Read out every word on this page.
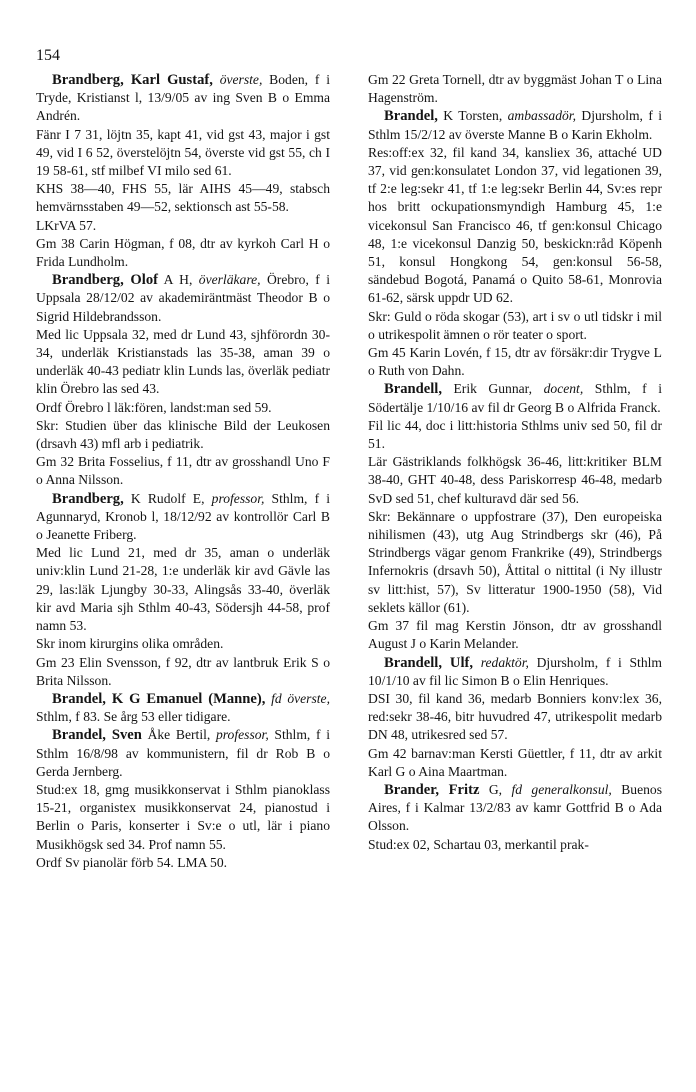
154
Brandberg, Karl Gustaf, överste, Boden, f i Tryde, Kristianst l, 13/9/05 av ing Sven B o Emma Andrén.
Fänr I 7 31, löjtn 35, kapt 41, vid gst 43, major i gst 49, vid I 6 52, överstelöjtn 54, överste vid gst 55, ch I 19 58-61, stf milbef VI milo sed 61.
KHS 38—40, FHS 55, lär AIHS 45—49, stabsch hemvärnsstaben 49—52, sektionsch ast 55-58.
LKrVA 57.
Gm 38 Carin Högman, f 08, dtr av kyrkoh Carl H o Frida Lundholm.
Brandberg, Olof A H, överläkare, Örebro, f i Uppsala 28/12/02 av akademiräntmäst Theodor B o Sigrid Hildebrandsson.
Med lic Uppsala 32, med dr Lund 43, sjhförordn 30-34, underläk Kristianstads las 35-38, aman 39 o underläk 40-43 pediatr klin Lunds las, överläk pediatr klin Örebro las sed 43.
Ordf Örebro l läk:fören, landst:man sed 59.
Skr: Studien über das klinische Bild der Leukosen (drsavh 43) mfl arb i pediatrik.
Gm 32 Brita Fosselius, f 11, dtr av grosshandl Uno F o Anna Nilsson.
Brandberg, K Rudolf E, professor, Sthlm, f i Agunnaryd, Kronob l, 18/12/92 av kontrollör Carl B o Jeanette Friberg.
Med lic Lund 21, med dr 35, aman o underläk univ:klin Lund 21-28, 1:e underläk kir avd Gävle las 29, las:läk Ljungby 30-33, Alingsås 33-40, överläk kir avd Maria sjh Sthlm 40-43, Södersjh 44-58, prof namn 53.
Skr inom kirurgins olika områden.
Gm 23 Elin Svensson, f 92, dtr av lantbruk Erik S o Brita Nilsson.
Brandel, K G Emanuel (Manne), fd överste, Sthlm, f 83. Se årg 53 eller tidigare.
Brandel, Sven Åke Bertil, professor, Sthlm, f i Sthlm 16/8/98 av kommunistern, fil dr Rob B o Gerda Jernberg.
Stud:ex 18, gmg musikkonservat i Sthlm pianoklass 15-21, organistex musikkonservat 24, pianostud i Berlin o Paris, konserter i Sv:e o utl, lär i piano Musikhögsk sed 34. Prof namn 55.
Ordf Sv pianolär förb 54. LMA 50.
Gm 22 Greta Tornell, dtr av byggmäst Johan T o Lina Hagenström.
Brandel, K Torsten, ambassadör, Djursholm, f i Sthlm 15/2/12 av överste Manne B o Karin Ekholm.
Res:off:ex 32, fil kand 34, kansliex 36, attaché UD 37, vid gen:konsulatet London 37, vid legationen 39, tf 2:e leg:sekr 41, tf 1:e leg:sekr Berlin 44, Sv:es repr hos britt ockupationsmyndigh Hamburg 45, 1:e vicekonsul San Francisco 46, tf gen:konsul Chicago 48, 1:e vicekonsul Danzig 50, beskickn:råd Köpenh 51, konsul Hongkong 54, gen:konsul 56-58, sändebud Bogotá, Panamá o Quito 58-61, Monrovia 61-62, särsk uppdr UD 62.
Skr: Guld o röda skogar (53), art i sv o utl tidskr i mil o utrikespolit ämnen o rör teater o sport.
Gm 45 Karin Lovén, f 15, dtr av försäkr:dir Trygve L o Ruth von Dahn.
Brandell, Erik Gunnar, docent, Sthlm, f i Södertälje 1/10/16 av fil dr Georg B o Alfrida Franck.
Fil lic 44, doc i litt:historia Sthlms univ sed 50, fil dr 51.
Lär Gästriklands folkhögsk 36-46, litt:kritiker BLM 38-40, GHT 40-48, dess Pariskorresp 46-48, medarb SvD sed 51, chef kulturavd där sed 56.
Skr: Bekännare o uppfostrare (37), Den europeiska nihilismen (43), utg Aug Strindbergs skr (46), På Strindbergs vägar genom Frankrike (49), Strindbergs Infernokris (drsavh 50), Åttital o nittital (i Ny illustr sv litt:hist, 57), Sv litteratur 1900-1950 (58), Vid seklets källor (61).
Gm 37 fil mag Kerstin Jönson, dtr av grosshandl August J o Karin Melander.
Brandell, Ulf, redaktör, Djursholm, f i Sthlm 10/1/10 av fil lic Simon B o Elin Henriques.
DSI 30, fil kand 36, medarb Bonniers konv:lex 36, red:sekr 38-46, bitr huvudred 47, utrikespolit medarb DN 48, utrikesred sed 57.
Gm 42 barnav:man Kersti Güettler, f 11, dtr av arkit Karl G o Aina Maartman.
Brander, Fritz G, fd generalkonsul, Buenos Aires, f i Kalmar 13/2/83 av kamr Gottfrid B o Ada Olsson.
Stud:ex 02, Schartau 03, merkantil prak-
